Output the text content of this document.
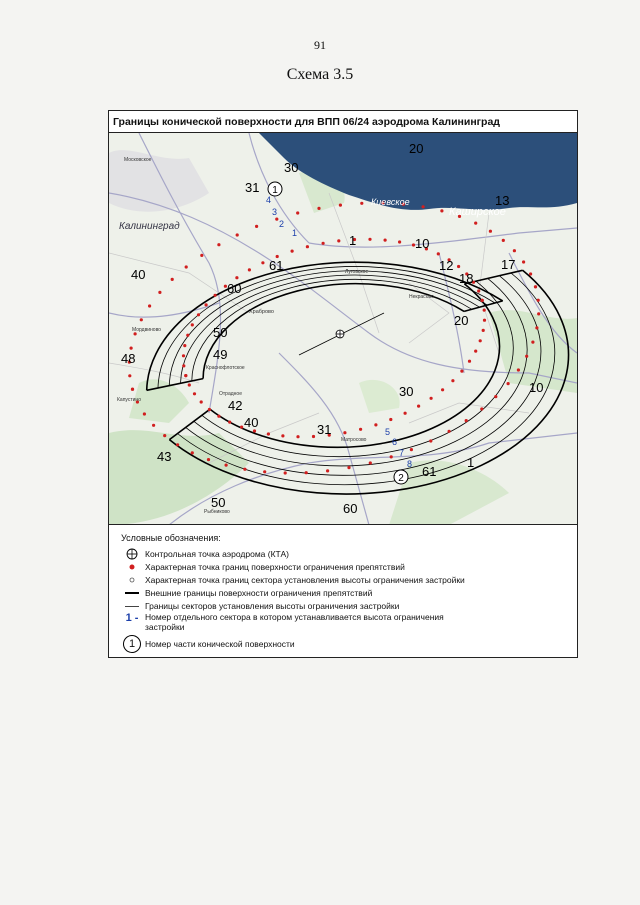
91
Схема 3.5
Границы конической поверхности для ВПП 06/24 аэродрома Калининград
Калининград
Киевское
Каширское
Храброво
Луговское
Некрасово
Мордвиново
Краснофлотское
Отрадное
Матросово
Рыбниково
Московское
Капустино
20
30
31
13
10
1
12
18
17
61
60
40
48
50
49
20
10
30
42
40	31
43	1
61
50	60
4
3
2
1
5
6
7
8
1
2
Условные обозначения:
Контрольная точка аэродрома (КТА)
Характерная точка границ поверхности ограничения препятствий
Характерная точка границ сектора установления высоты ограничения застройки
Внешние границы поверхности ограничения препятствий
Границы секторов установления высоты ограничения застройки
1 - Номер отдельного сектора в котором устанавливается высота ограничения застройки
1	Номер части конической поверхности
